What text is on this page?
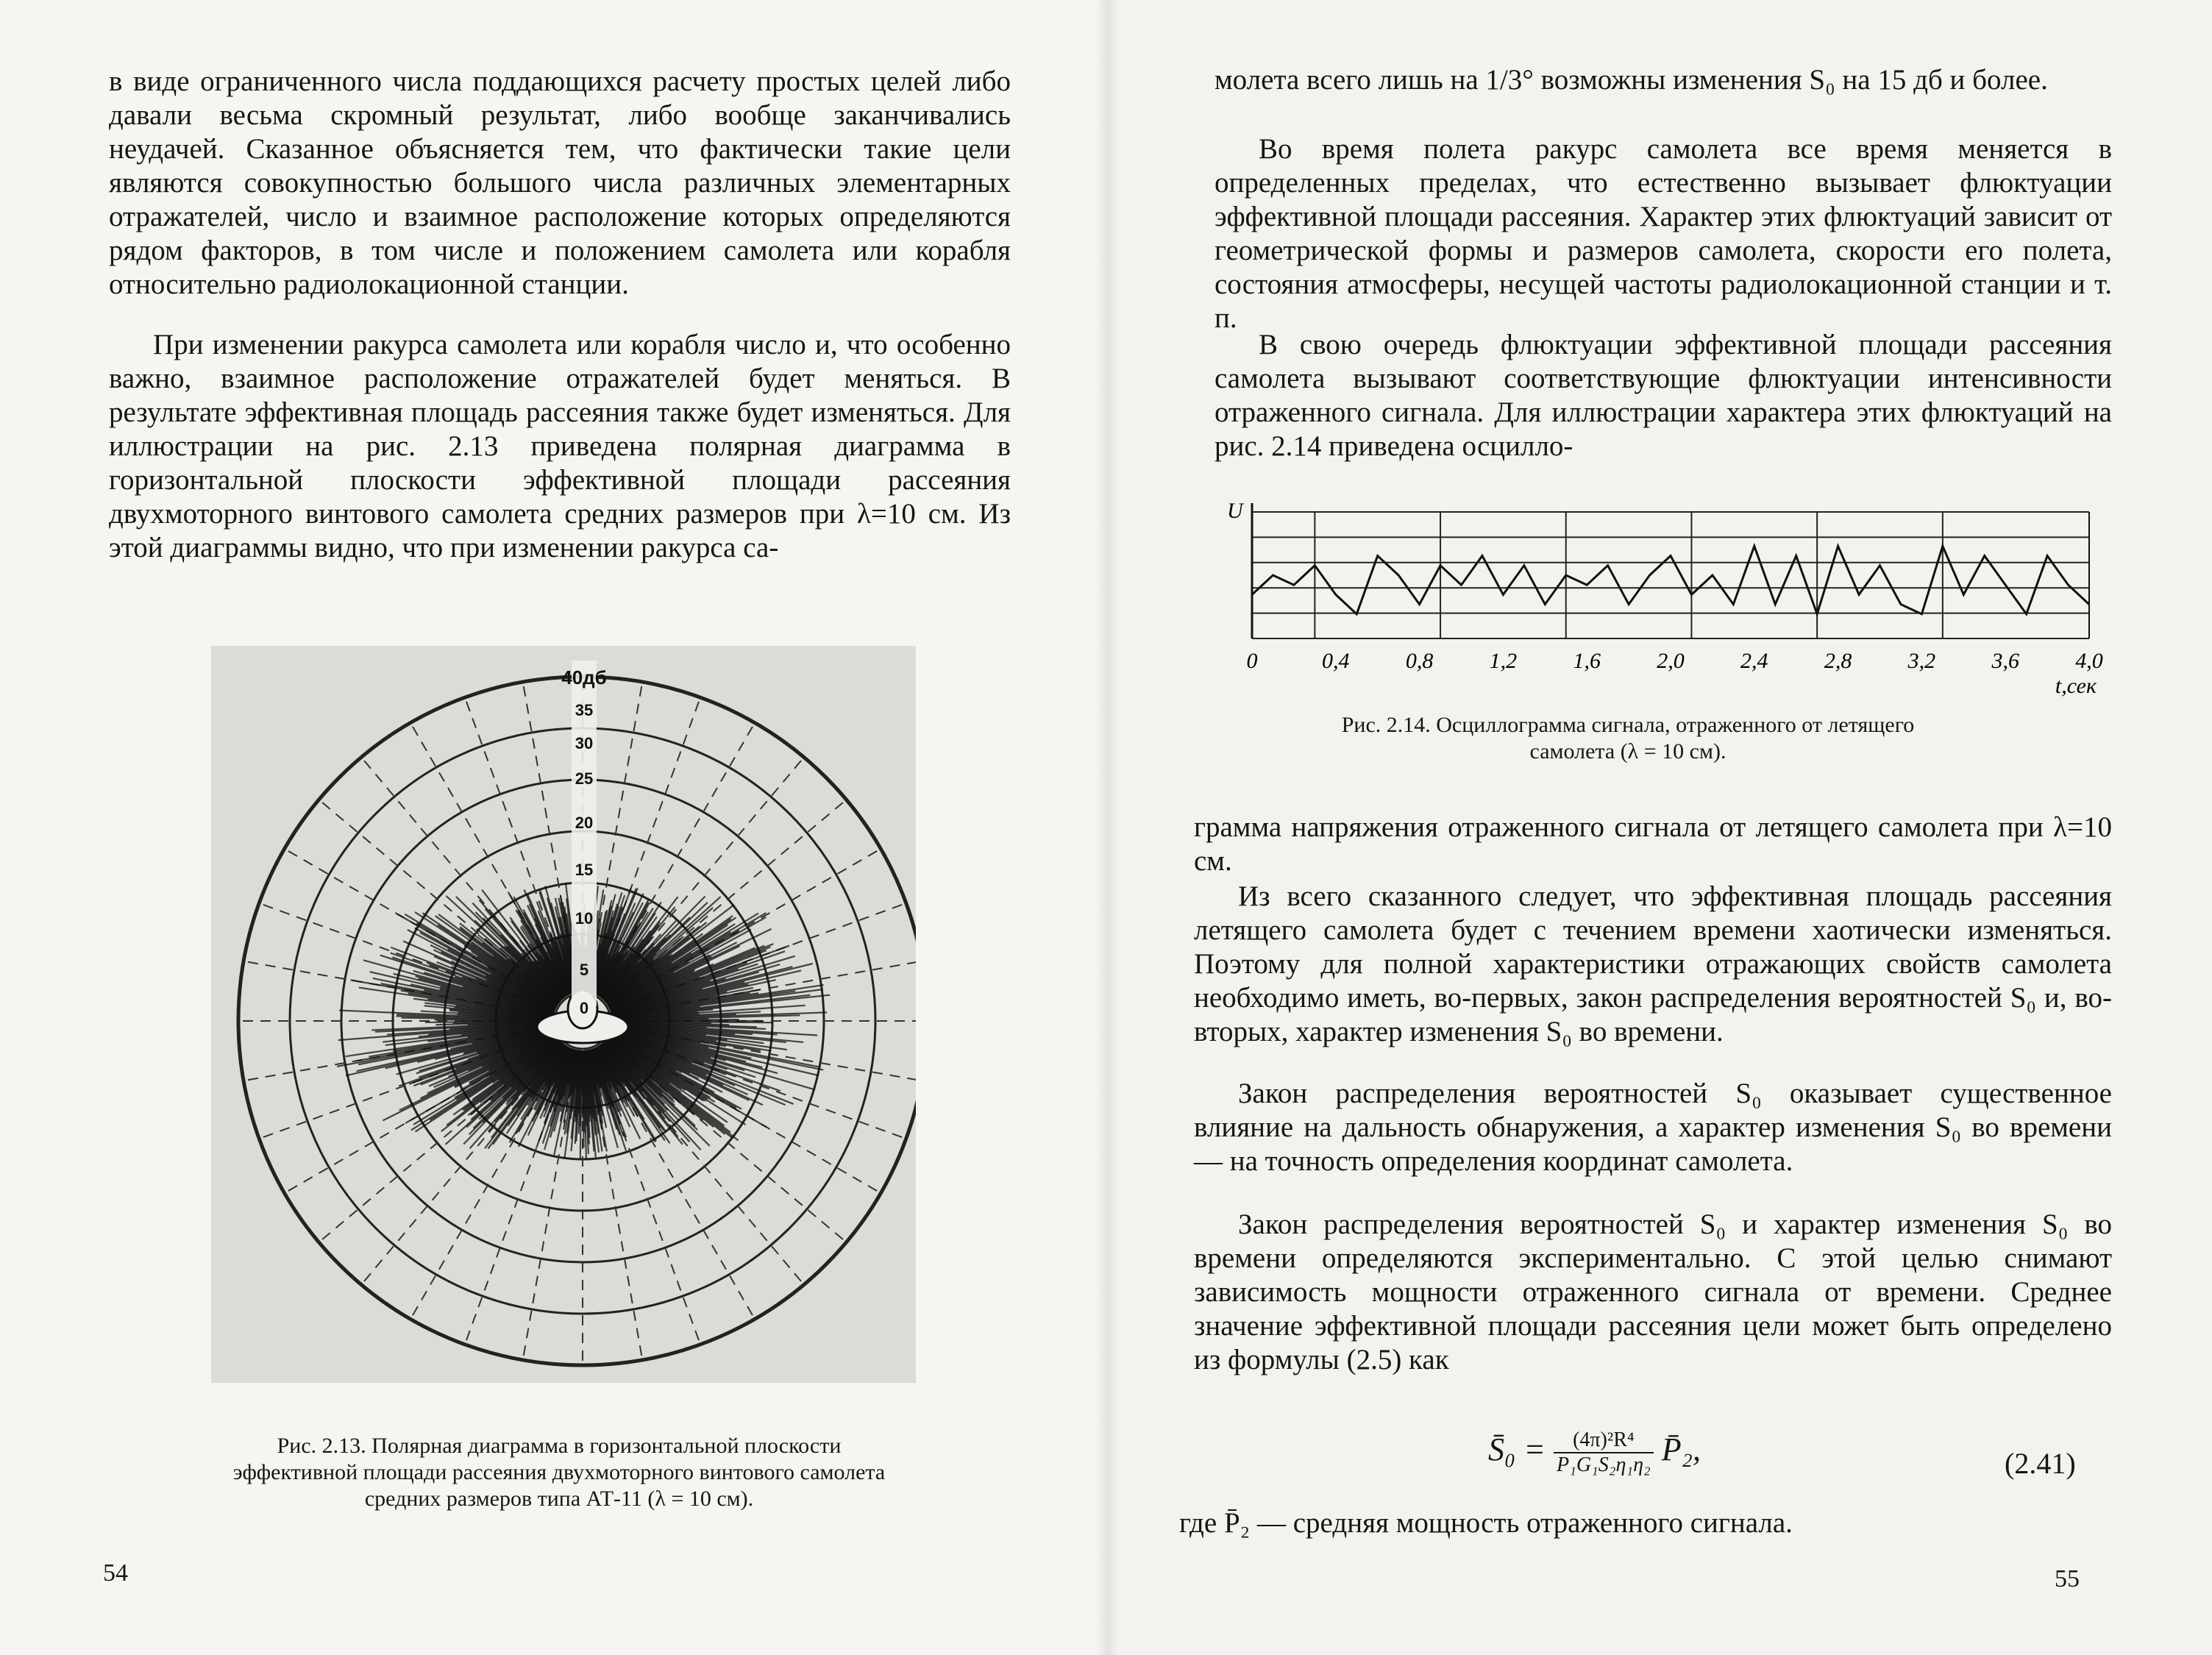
в виде ограниченного числа поддающихся расчету простых целей либо давали весьма скромный результат, либо вообще заканчивались неудачей. Сказанное объясняется тем, что фактически такие цели являются совокупностью большого числа различных элементарных отражателей, число и взаимное расположение которых определяются рядом факторов, в том числе и положением самолета или корабля относительно радиолокационной станции.

При изменении ракурса самолета или корабля число и, что особенно важно, взаимное расположение отражателей будет меняться. В результате эффективная площадь рассеяния также будет изменяться. Для иллюстрации на рис. 2.13 приведена полярная диаграмма в горизонтальной плоскости эффективной площади рассеяния двухмоторного винтового самолета средних размеров при λ=10 см. Из этой диаграммы видно, что при изменении ракурса са-

40дб
35
30
25
20
15
10
5
0

Рис. 2.13. Полярная диаграмма в горизонтальной плоскости эффективной площади рассеяния двухмоторного винтового самолета средних размеров типа АТ-11 (λ = 10 см).

54

молета всего лишь на 1/3° возможны изменения S₀ на 15 дб и более.

Во время полета ракурс самолета все время меняется в определенных пределах, что естественно вызывает флюктуации эффективной площади рассеяния. Характер этих флюктуаций зависит от геометрической формы и размеров самолета, скорости его полета, состояния атмосферы, несущей частоты радиолокационной станции и т. п.

В свою очередь флюктуации эффективной площади рассеяния самолета вызывают соответствующие флюктуации интенсивности отраженного сигнала. Для иллюстрации характера этих флюктуаций на рис. 2.14 приведена осцилло-

Рис. 2.14. Осциллограмма сигнала, отраженного от летящего самолета (λ = 10 см).

грамма напряжения отраженного сигнала от летящего самолета при λ=10 см.

Из всего сказанного следует, что эффективная площадь рассеяния летящего самолета будет с течением времени хаотически изменяться. Поэтому для полной характеристики отражающих свойств самолета необходимо иметь, во-первых, закон распределения вероятностей S₀ и, во-вторых, характер изменения S₀ во времени.

Закон распределения вероятностей S₀ оказывает существенное влияние на дальность обнаружения, а характер изменения S₀ во времени — на точность определения координат самолета.

Закон распределения вероятностей S₀ и характер изменения S₀ во времени определяются экспериментально. С этой целью снимают зависимость мощности отраженного сигнала от времени. Среднее значение эффективной площади рассеяния цели может быть определено из формулы (2.5) как

S̄₀ = $\frac{\text{(4π)²R⁴}}{\text{P₁G₁S₂η₁η₂}}$ P̄₂,	(2.41)

где P̄₂ — средняя мощность отраженного сигнала.

55
U
0	0,4	0,8	1,2	1,6	2,0	2,4	2,8	3,2	3,6	4,0
t,сек
